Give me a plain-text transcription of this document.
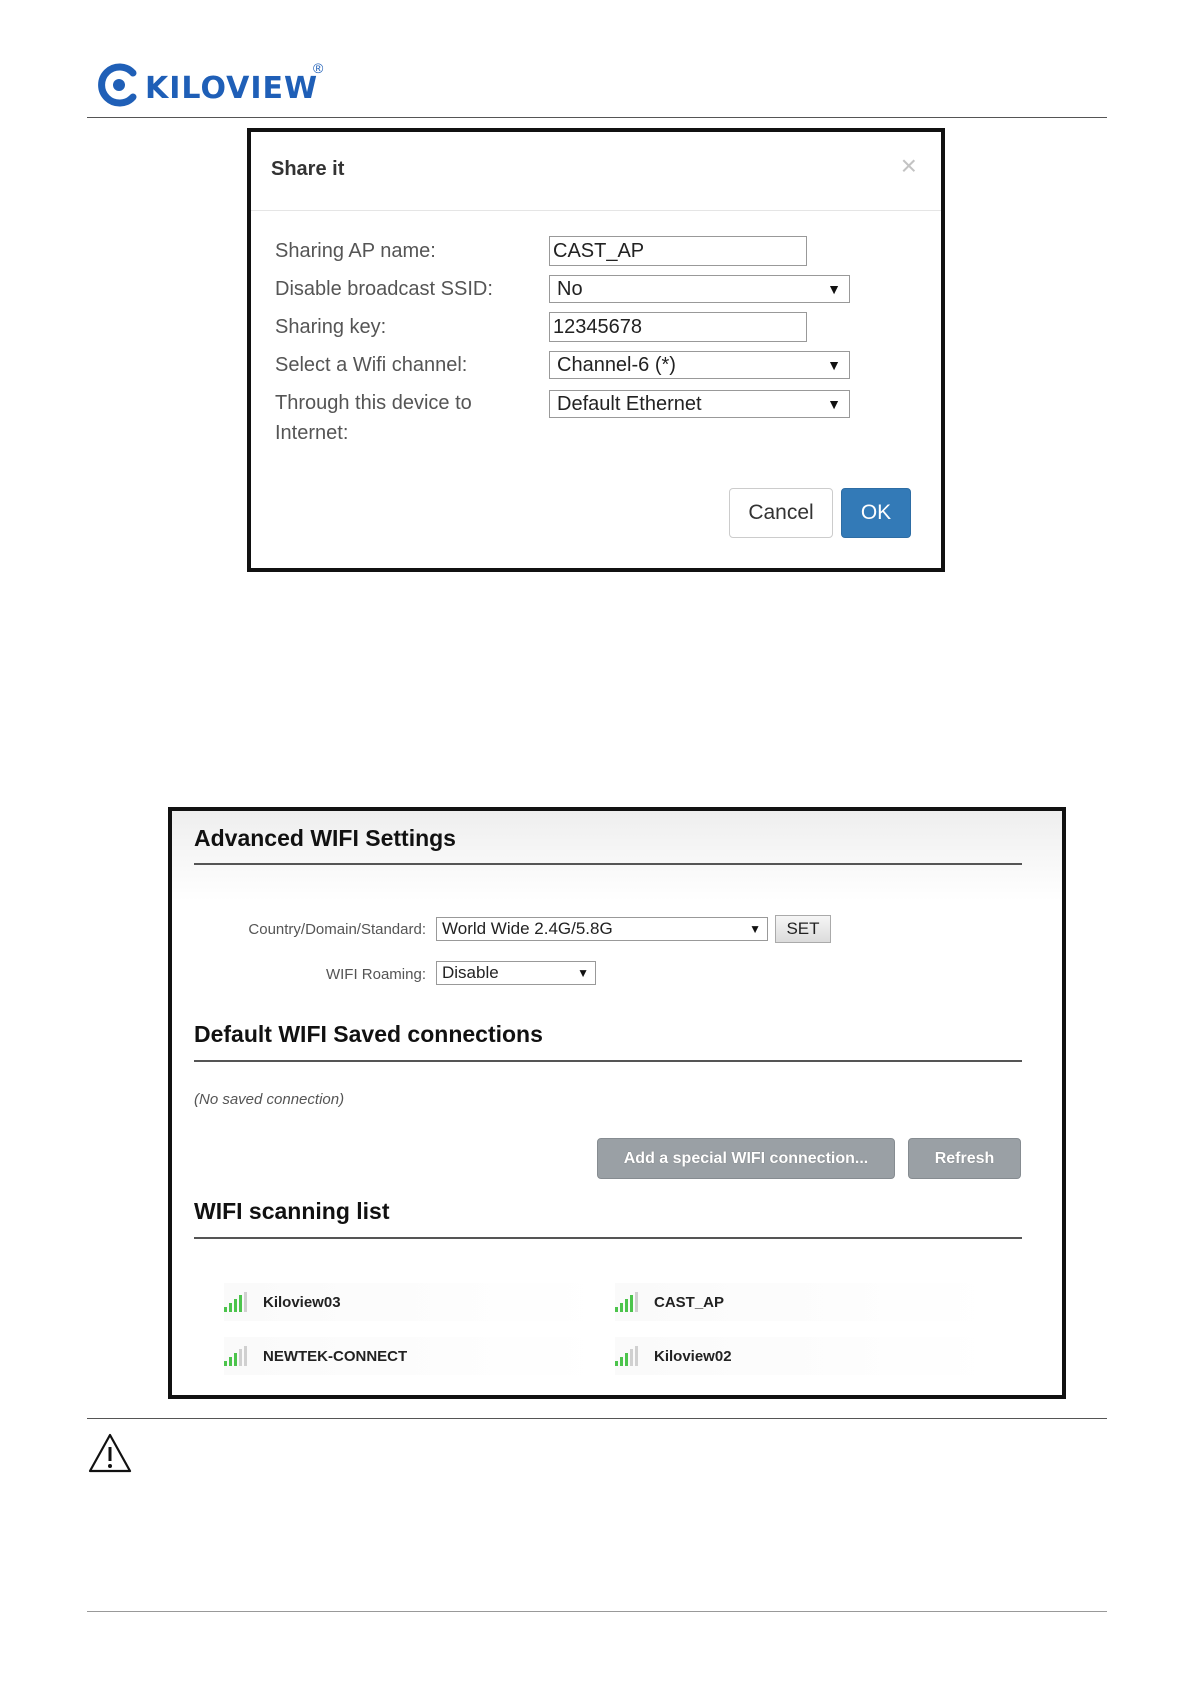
KILOVIEW
®
Share it	×
Sharing AP name:	CAST_AP
Disable broadcast SSID:	No	▼
Sharing key:	12345678
Select a Wifi channel:	Channel-6 (*)	▼
Through this device to
Internet:
Default Ethernet	▼
Cancel	OK
Advanced WIFI Settings
Country/Domain/Standard: World Wide 2.4G/5.8G	▼	SET
WIFI Roaming: Disable	▼
Default WIFI Saved connections
(No saved connection)
Add a special WIFI connection...	Refresh
WIFI scanning list
Kiloview03	CAST_AP
NEWTEK-CONNECT	Kiloview02
